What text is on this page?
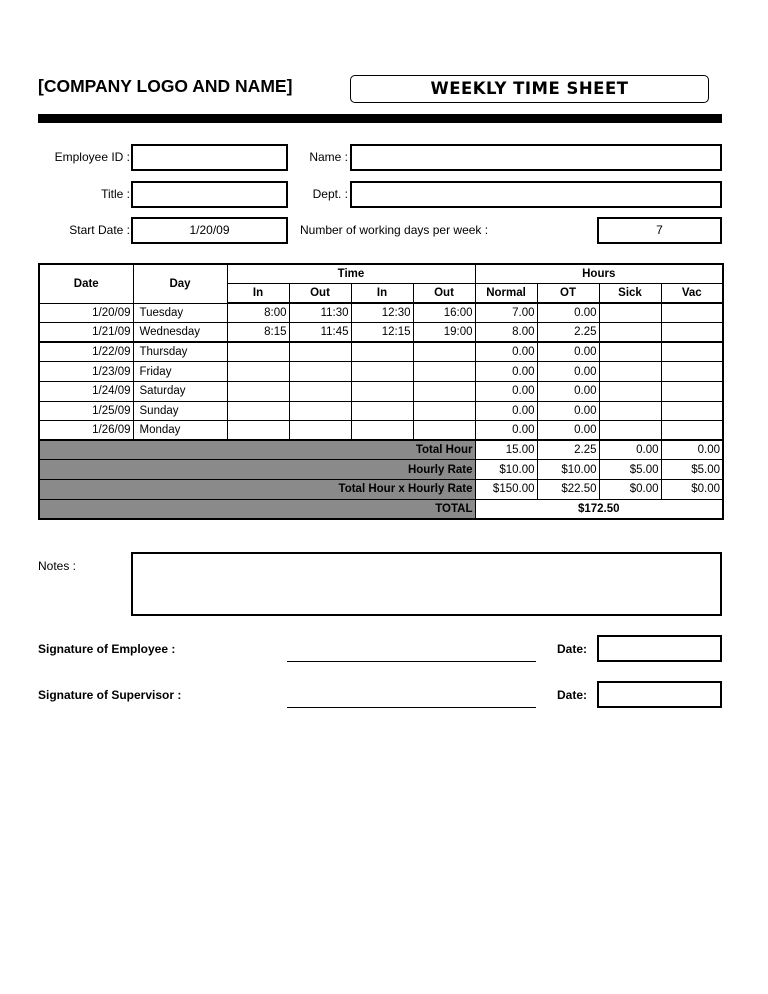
[COMPANY LOGO AND NAME]	WEEKLY TIME SHEET
Employee ID :	Name :
Title :	Dept. :
Start Date :	1/20/09	Number of working days per week :	7
Date	Day	Time				Hours			
		In	Out	In	Out	Normal	OT	Sick	Vac
1/20/09	Tuesday	8:00	11:30	12:30	16:00	7.00	0.00		
1/21/09	Wednesday	8:15	11:45	12:15	19:00	8.00	2.25		
1/22/09	Thursday					0.00	0.00		
1/23/09	Friday					0.00	0.00		
1/24/09	Saturday					0.00	0.00		
1/25/09	Sunday					0.00	0.00		
1/26/09	Monday					0.00	0.00		
Total Hour						15.00	2.25	0.00	0.00
Hourly Rate						$10.00	$10.00	$5.00	$5.00
Total Hour x Hourly Rate						$150.00	$22.50	$0.00	$0.00
TOTAL						$172.50			
Notes :
Signature of Employee :	Date:
Signature of Supervisor :	Date:
